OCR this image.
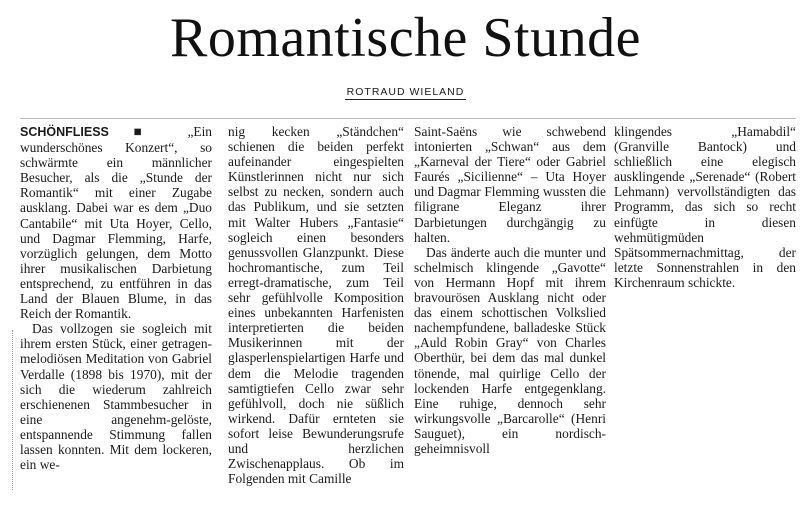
Romantische Stunde
ROTRAUD WIELAND

SCHÖNFLIESS ■ „Ein wunderschönes Konzert“, so schwärmte ein männlicher Besucher, als die „Stunde der Romantik“ mit einer Zugabe ausklang. Dabei war es dem „Duo Cantabile“ mit Uta Hoyer, Cello, und Dagmar Flemming, Harfe, vorzüglich gelungen, dem Motto ihrer musikalischen Darbietung entsprechend, zu entführen in das Land der Blauen Blume, in das Reich der Romantik.

Das vollzogen sie sogleich mit ihrem ersten Stück, einer getragen-melodiösen Meditation von Gabriel Verdalle (1898 bis 1970), mit der sich die wiederum zahlreich erschienenen Stammbesucher in eine angenehm-gelöste, entspannende Stimmung fallen lassen konnten. Mit dem lockeren, ein we-

nig kecken „Ständchen“ schienen die beiden perfekt aufeinander eingespielten Künstlerinnen nicht nur sich selbst zu necken, sondern auch das Publikum, und sie setzten mit Walter Hubers „Fantasie“ sogleich einen besonders genussvollen Glanzpunkt. Diese hochromantische, zum Teil erregt-dramatische, zum Teil sehr gefühlvolle Komposition eines unbekannten Harfenisten interpretierten die beiden Musikerinnen mit der glasperlenspielartigen Harfe und dem die Melodie tragenden samtigtiefen Cello zwar sehr gefühlvoll, doch nie süßlich wirkend. Dafür ernteten sie sofort leise Bewunderungsrufe und herzlichen Zwischenapplaus. Ob im Folgenden mit Camille

Saint-Saëns wie schwebend intonierten „Schwan“ aus dem „Karneval der Tiere“ oder Gabriel Faurés „Sicilienne“ – Uta Hoyer und Dagmar Flemming wussten die filigrane Eleganz ihrer Darbietungen durchgängig zu halten.

Das änderte auch die munter und schelmisch klingende „Gavotte“ von Hermann Hopf mit ihrem bravourösen Ausklang nicht oder das einem schottischen Volkslied nachempfundene, balladeske Stück „Auld Robin Gray“ von Charles Oberthür, bei dem das mal dunkel tönende, mal quirlige Cello der lockenden Harfe entgegenklang. Eine ruhige, dennoch sehr wirkungsvolle „Barcarolle“ (Henri Sauguet), ein nordisch-geheimnisvoll

klingendes „Hamabdil“ (Granville Bantock) und schließlich eine elegisch ausklingende „Serenade“ (Robert Lehmann) vervollständigten das Programm, das sich so recht einfügte in diesen wehmütigmüden Spätsommernachmittag, der letzte Sonnenstrahlen in den Kirchenraum schickte.
